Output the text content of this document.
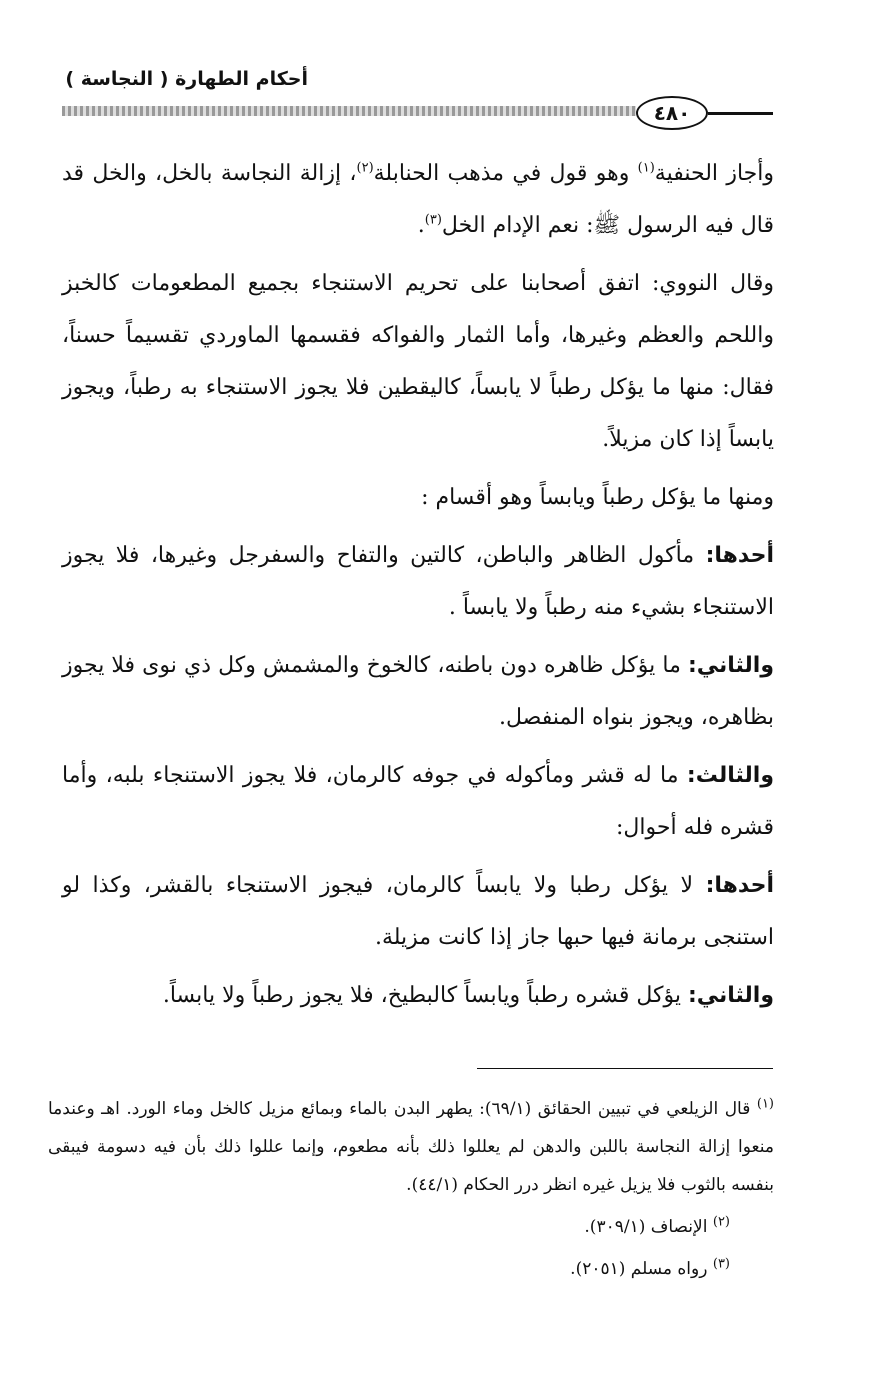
أحكام الطهارة ( النجاسة )
٤٨٠

وأجاز الحنفية$^{(١)}$ وهو قول في مذهب الحنابلة$^{(٢)}$، إزالة النجاسة بالخل، والخل قد قال فيه الرسول ﷺ: نعم الإدام الخل$^{(٣)}$.

وقال النووي: اتفق أصحابنا على تحريم الاستنجاء بجميع المطعومات كالخبز واللحم والعظم وغيرها، وأما الثمار والفواكه فقسمها الماوردي تقسيماً حسناً، فقال: منها ما يؤكل رطباً لا يابساً، كاليقطين فلا يجوز الاستنجاء به رطباً، ويجوز يابساً إذا كان مزيلاً.

ومنها ما يؤكل رطباً ويابساً وهو أقسام :

أحدها: مأكول الظاهر والباطن، كالتين والتفاح والسفرجل وغيرها، فلا يجوز الاستنجاء بشيء منه رطباً ولا يابساً .

والثاني: ما يؤكل ظاهره دون باطنه، كالخوخ والمشمش وكل ذي نوى فلا يجوز بظاهره، ويجوز بنواه المنفصل.

والثالث: ما له قشر ومأكوله في جوفه كالرمان، فلا يجوز الاستنجاء بلبه، وأما قشره فله أحوال:

أحدها: لا يؤكل رطبا ولا يابساً كالرمان، فيجوز الاستنجاء بالقشر، وكذا لو استنجى برمانة فيها حبها جاز إذا كانت مزيلة.

والثاني: يؤكل قشره رطباً ويابساً كالبطيخ، فلا يجوز رطباً ولا يابساً.

$^{(١)}$ قال الزيلعي في تبيين الحقائق (٦٩/١): يطهر البدن بالماء وبمائع مزيل كالخل وماء الورد. اهـ وعندما منعوا إزالة النجاسة باللبن والدهن لم يعللوا ذلك بأنه مطعوم، وإنما عللوا ذلك بأن فيه دسومة فيبقى بنفسه بالثوب فلا يزيل غيره انظر درر الحكام (٤٤/١).

$^{(٢)}$ الإنصاف (٣٠٩/١).

$^{(٣)}$ رواه مسلم (٢٠٥١).
